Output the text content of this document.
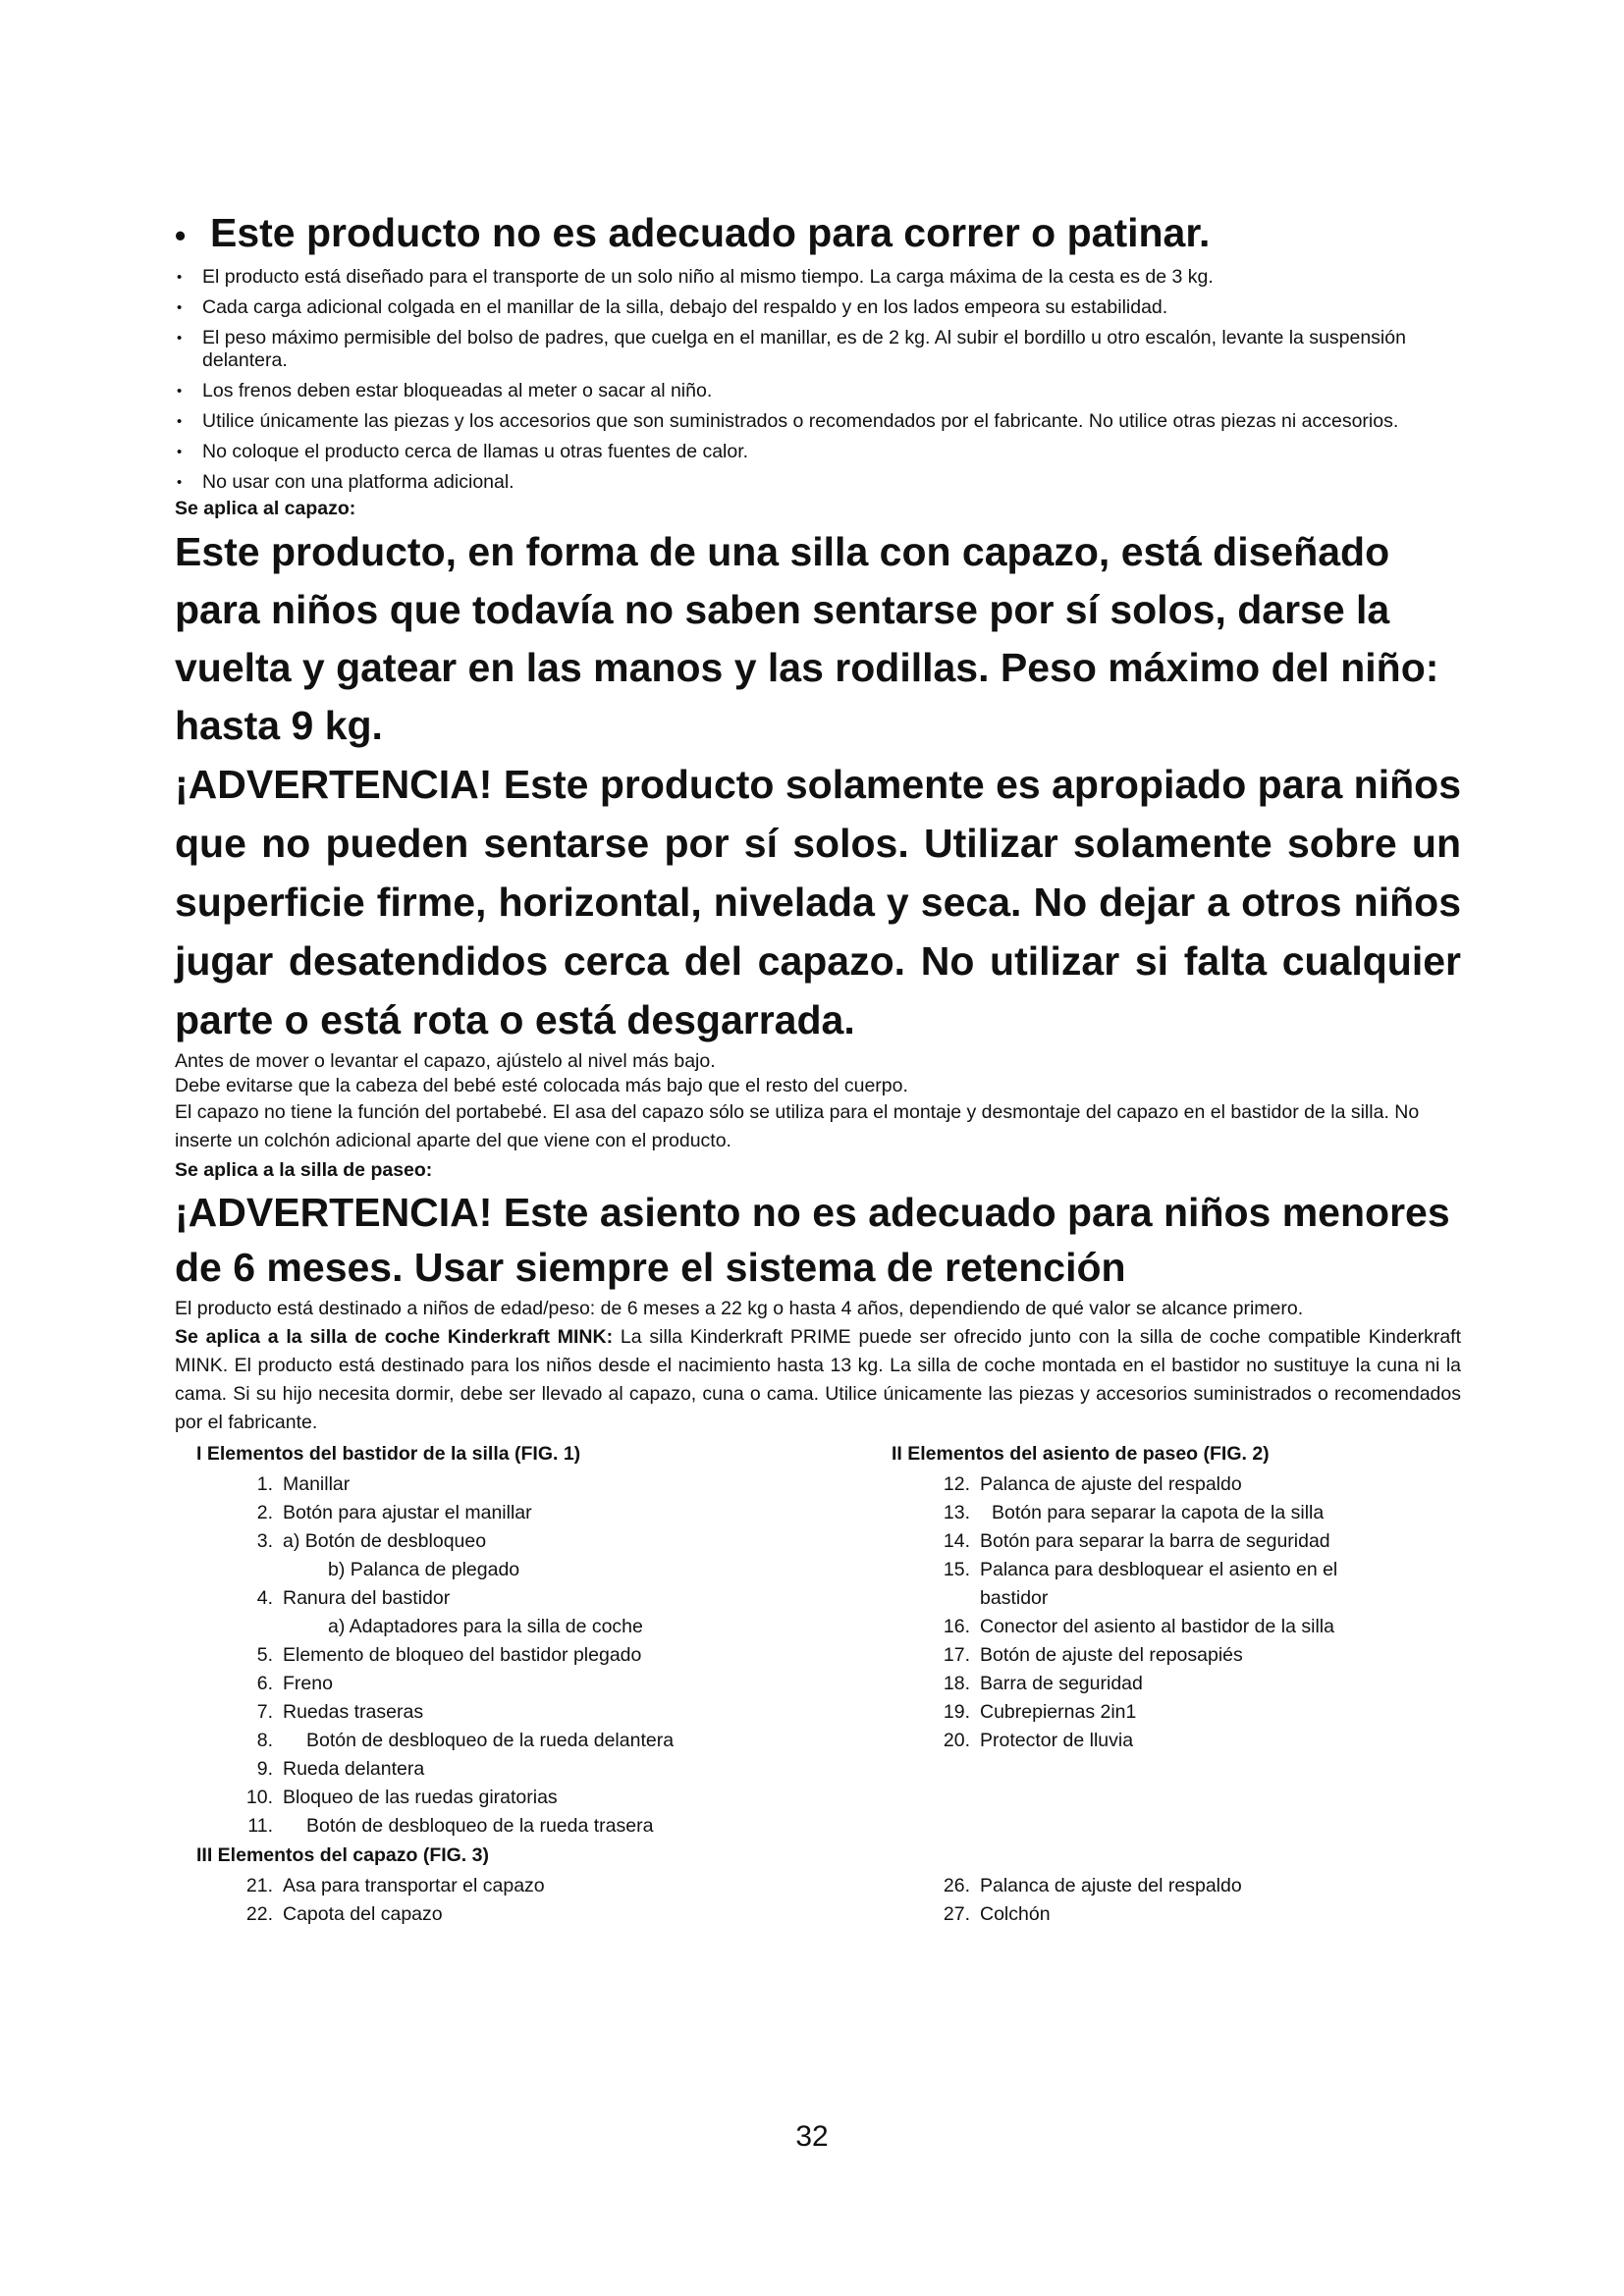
• Este producto no es adecuado para correr o patinar.
•	El producto está diseñado para el transporte de un solo niño al mismo tiempo. La carga máxima de la cesta es de 3 kg.
•	Cada carga adicional colgada en el manillar de la silla, debajo del respaldo y en los lados empeora su estabilidad.
•	El peso máximo permisible del bolso de padres, que cuelga en el manillar, es de 2 kg. Al subir el bordillo u otro escalón, levante la suspensión delantera.
•	Los frenos deben estar bloqueadas al meter o sacar al niño.
•	Utilice únicamente las piezas y los accesorios que son suministrados o recomendados por el fabricante. No utilice otras piezas ni accesorios.
•	No coloque el producto cerca de llamas u otras fuentes de calor.
•	No usar con una platforma adicional.

Se aplica al capazo:

Este producto, en forma de una silla con capazo, está diseñado para niños que todavía no saben sentarse por sí solos, darse la vuelta y gatear en las manos y las rodillas. Peso máximo del niño: hasta 9 kg.

¡ADVERTENCIA! Este producto solamente es apropiado para niños que no pueden sentarse por sí solos. Utilizar solamente sobre un superficie firme, horizontal, nivelada y seca. No dejar a otros niños jugar desatendidos cerca del capazo. No utilizar si falta cualquier parte o está rota o está desgarrada.

Antes de mover o levantar el capazo, ajústelo al nivel más bajo.

Debe evitarse que la cabeza del bebé esté colocada más bajo que el resto del cuerpo.

El capazo no tiene la función del portabebé. El asa del capazo sólo se utiliza para el montaje y desmontaje del capazo en el bastidor de la silla. No inserte un colchón adicional aparte del que viene con el producto.

Se aplica a la silla de paseo:

¡ADVERTENCIA! Este asiento no es adecuado para niños menores de 6 meses. Usar siempre el sistema de retención

El producto está destinado a niños de edad/peso: de 6 meses a 22 kg o hasta 4 años, dependiendo de qué valor se alcance primero.

Se aplica a la silla de coche Kinderkraft MINK: La silla Kinderkraft PRIME puede ser ofrecido junto con la silla de coche compatible Kinderkraft MINK. El producto está destinado para los niños desde el nacimiento hasta 13 kg. La silla de coche montada en el bastidor no sustituye la cuna ni la cama. Si su hijo necesita dormir, debe ser llevado al capazo, cuna o cama. Utilice únicamente las piezas y accesorios suministrados o recomendados por el fabricante.

I Elementos del bastidor de la silla (FIG. 1)

1. Manillar
2. Botón para ajustar el manillar
3. a) Botón de desbloqueo
b) Palanca de plegado
4. Ranura del bastidor
a) Adaptadores para la silla de coche
5. Elemento de bloqueo del bastidor plegado
6. Freno
7. Ruedas traseras
8.	Botón de desbloqueo de la rueda delantera
9. Rueda delantera
10. Bloqueo de las ruedas giratorias
11.	Botón de desbloqueo de la rueda trasera

II Elementos del asiento de paseo (FIG. 2)

12. Palanca de ajuste del respaldo
13.	Botón para separar la capota de la silla
14. Botón para separar la barra de seguridad
15. Palanca para desbloquear el asiento en el bastidor
16. Conector del asiento al bastidor de la silla
17. Botón de ajuste del reposapiés
18. Barra de seguridad
19. Cubrepiernas 2in1
20. Protector de lluvia

III Elementos del capazo (FIG. 3)

21. Asa para transportar el capazo
22. Capota del capazo
26. Palanca de ajuste del respaldo
27. Colchón
32
